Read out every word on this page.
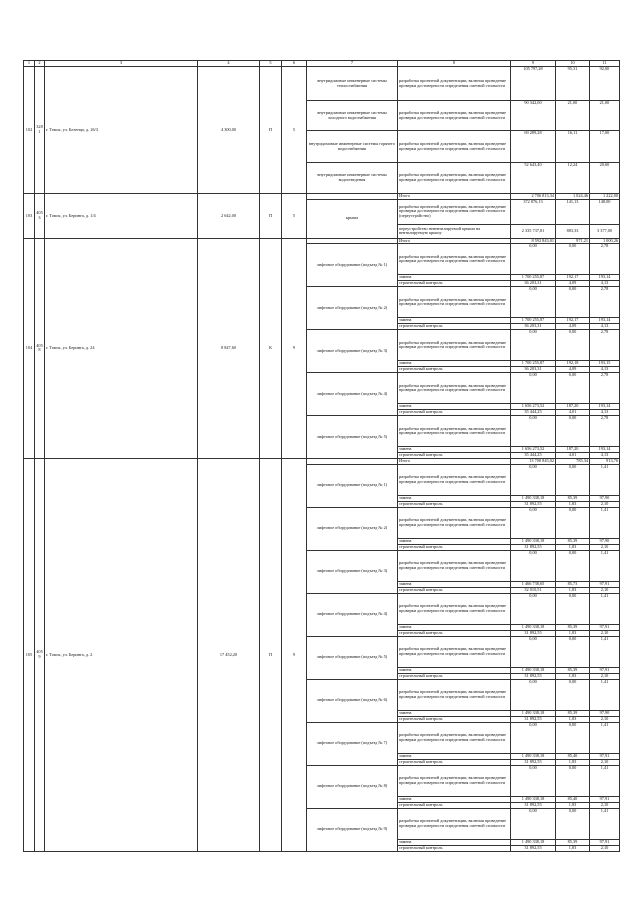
1	2	3	4	5	6	7	8	9	10	11
102	3281	г. Томск, ул. Беленца, д. 26/3	4 300,00	П	5	внутридомовые инженерные системы теплоснабжения	разработка проектной документации, включая проведение проверки достоверности определения сметной стоимости	105 797,28	95,31	92,00
						внутридомовые инженерные системы холодного водоснабжения	разработка проектной документации, включая проведение проверки достоверности определения сметной стоимости	90 342,00	21,00	21,00
						внутридомовые инженерные системы горячего водоснабжения	разработка проектной документации, включая проведение проверки достоверности определения сметной стоимости	69 289,28	16,11	17,00
						внутридомовые инженерные системы водоотведения	разработка проектной документации, включая проведение проверки достоверности определения сметной стоимости	52 643,40	12,24	20,00
103	4053	г. Томск, ул. Беринга, д. 1/4	2 642,00	П	5		Итого	2 706 813,34	1 024,46	1 222,00
						крыша	разработка проектной документации, включая проведение проверки достоверности определения сметной стоимости (переустройство)	372 876,13	141,13	148,00
							переустройство невентилируемой крыши на вентилируемую крышу	2 335 737,81	883,33	3 377,00
104	4058	г. Томск, ул. Беринга, д. 24	8 847,60	К	9		Итого	8 592 843,01	971,21	1 000,26
						лифтовое оборудование (подъезд № 1)	разработка проектной документации, включая проведение проверки достоверности определения сметной стоимости	0,00	0,00	2,78
							замена	1 700 255,87	192,17	193,14
							строительный контроль	36 203,31	4,09	4,13
						лифтовое оборудование (подъезд № 2)	разработка проектной документации, включая проведение проверки достоверности определения сметной стоимости	0,00	0,00	2,78
							замена	1 700 255,87	192,17	193,14
							строительный контроль	36 203,31	4,09	4,13
						лифтовое оборудование (подъезд № 3)	разработка проектной документации, включая проведение проверки достоверности определения сметной стоимости	0,00	0,00	2,78
							замена	1 700 255,87	192,18	193,15
							строительный контроль	36 203,31	4,09	4,13
						лифтовое оборудование (подъезд № 4)	разработка проектной документации, включая проведение проверки достоверности определения сметной стоимости	0,00	0,00	2,78
							замена	1 656 273,52	187,20	193,14
							строительный контроль	35 444,25	4,01	4,13
						лифтовое оборудование (подъезд № 5)	разработка проектной документации, включая проведение проверки достоверности определения сметной стоимости	0,00	0,00	2,78
							замена	1 656 273,52	187,20	193,14
							строительный контроль	35 444,25	4,01	4,13
105	4059	г. Томск, ул. Беринга, д. 2	17 452,20	П	9		Итого	13 700 845,02	785,34	913,76
						лифтовое оборудование (подъезд № 1)	разработка проектной документации, включая проведение проверки достоверности определения сметной стоимости	0,00	0,00	1,41
							замена	1 490 338,18	85,39	97,90
							строительный контроль	31 892,55	1,83	2,10
						лифтовое оборудование (подъезд № 2)	разработка проектной документации, включая проведение проверки достоверности определения сметной стоимости	0,00	0,00	1,41
							замена	1 490 338,18	85,39	97,90
							строительный контроль	31 892,55	1,83	2,10
						лифтовое оборудование (подъезд № 3)	разработка проектной документации, включая проведение проверки достоверности определения сметной стоимости	0,00	0,00	1,41
							замена	1 466 738,65	85,73	97,91
							строительный контроль	32 010,51	1,83	2,10
						лифтовое оборудование (подъезд № 4)	разработка проектной документации, включая проведение проверки достоверности определения сметной стоимости	0,00	0,00	1,41
							замена	1 490 338,18	85,39	97,91
							строительный контроль	31 892,55	1,83	2,10
						лифтовое оборудование (подъезд № 5)	разработка проектной документации, включая проведение проверки достоверности определения сметной стоимости	0,00	0,00	1,41
							замена	1 490 338,18	85,39	97,91
							строительный контроль	31 892,55	1,83	2,10
						лифтовое оборудование (подъезд № 6)	разработка проектной документации, включая проведение проверки достоверности определения сметной стоимости	0,00	0,00	1,41
							замена	1 490 338,18	85,39	97,90
							строительный контроль	31 892,55	1,83	2,10
						лифтовое оборудование (подъезд № 7)	разработка проектной документации, включая проведение проверки достоверности определения сметной стоимости	0,00	0,00	1,41
							замена	1 490 338,18	85,40	97,91
							строительный контроль	31 892,55	1,83	2,10
						лифтовое оборудование (подъезд № 8)	разработка проектной документации, включая проведение проверки достоверности определения сметной стоимости	0,00	0,00	1,41
							замена	1 490 338,18	85,40	97,91
							строительный контроль	31 892,55	1,83	2,10
						лифтовое оборудование (подъезд № 9)	разработка проектной документации, включая проведение проверки достоверности определения сметной стоимости	0,00	0,00	1,41
							замена	1 490 338,18	85,39	97,91
							строительный контроль	31 892,55	1,83	2,10
